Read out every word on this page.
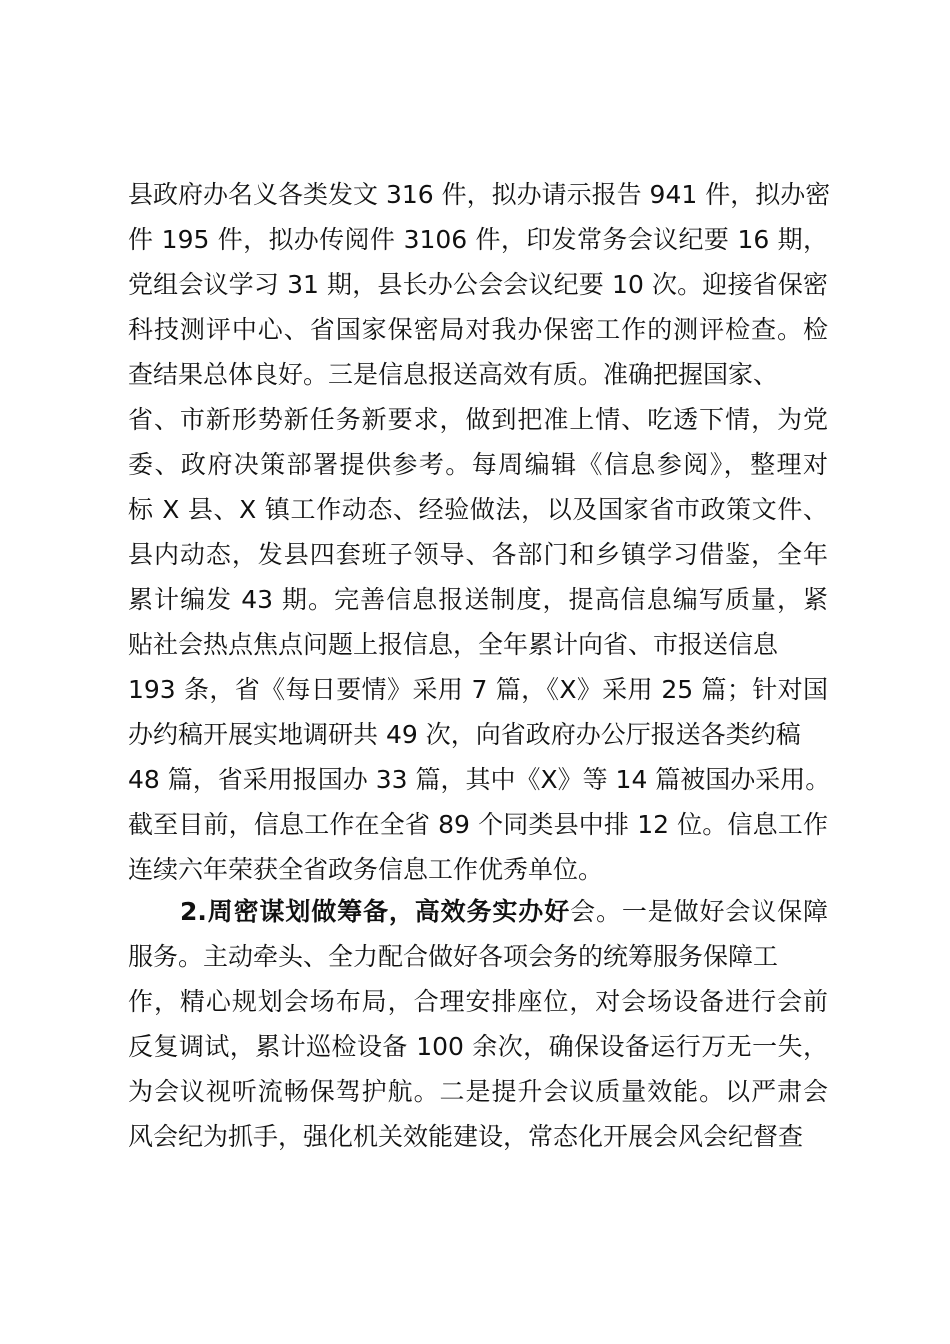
县政府办名义各类发文 316 件，拟办请示报告 941 件，拟办密
件 195 件，拟办传阅件 3106 件，印发常务会议纪要 16 期，
党组会议学习 31 期，县长办公会会议纪要 10 次。迎接省保密
科技测评中心、省国家保密局对我办保密工作的测评检查。检
查结果总体良好。三是信息报送高效有质。准确把握国家、
省、市新形势新任务新要求，做到把准上情、吃透下情，为党
委、政府决策部署提供参考。每周编辑《信息参阅》，整理对
标 X 县、X 镇工作动态、经验做法，以及国家省市政策文件、
县内动态，发县四套班子领导、各部门和乡镇学习借鉴，全年
累计编发 43 期。完善信息报送制度，提高信息编写质量，紧
贴社会热点焦点问题上报信息，全年累计向省、市报送信息
193 条，省《每日要情》采用 7 篇，《X》采用 25 篇；针对国
办约稿开展实地调研共 49 次，向省政府办公厅报送各类约稿
48 篇，省采用报国办 33 篇，其中《X》等 14 篇被国办采用。
截至目前，信息工作在全省 89 个同类县中排 12 位。信息工作
连续六年荣获全省政务信息工作优秀单位。
2.周密谋划做筹备，高效务实办好会。一是做好会议保障
服务。主动牵头、全力配合做好各项会务的统筹服务保障工
作，精心规划会场布局，合理安排座位，对会场设备进行会前
反复调试，累计巡检设备 100 余次，确保设备运行万无一失，
为会议视听流畅保驾护航。二是提升会议质量效能。以严肃会
风会纪为抓手，强化机关效能建设，常态化开展会风会纪督查
